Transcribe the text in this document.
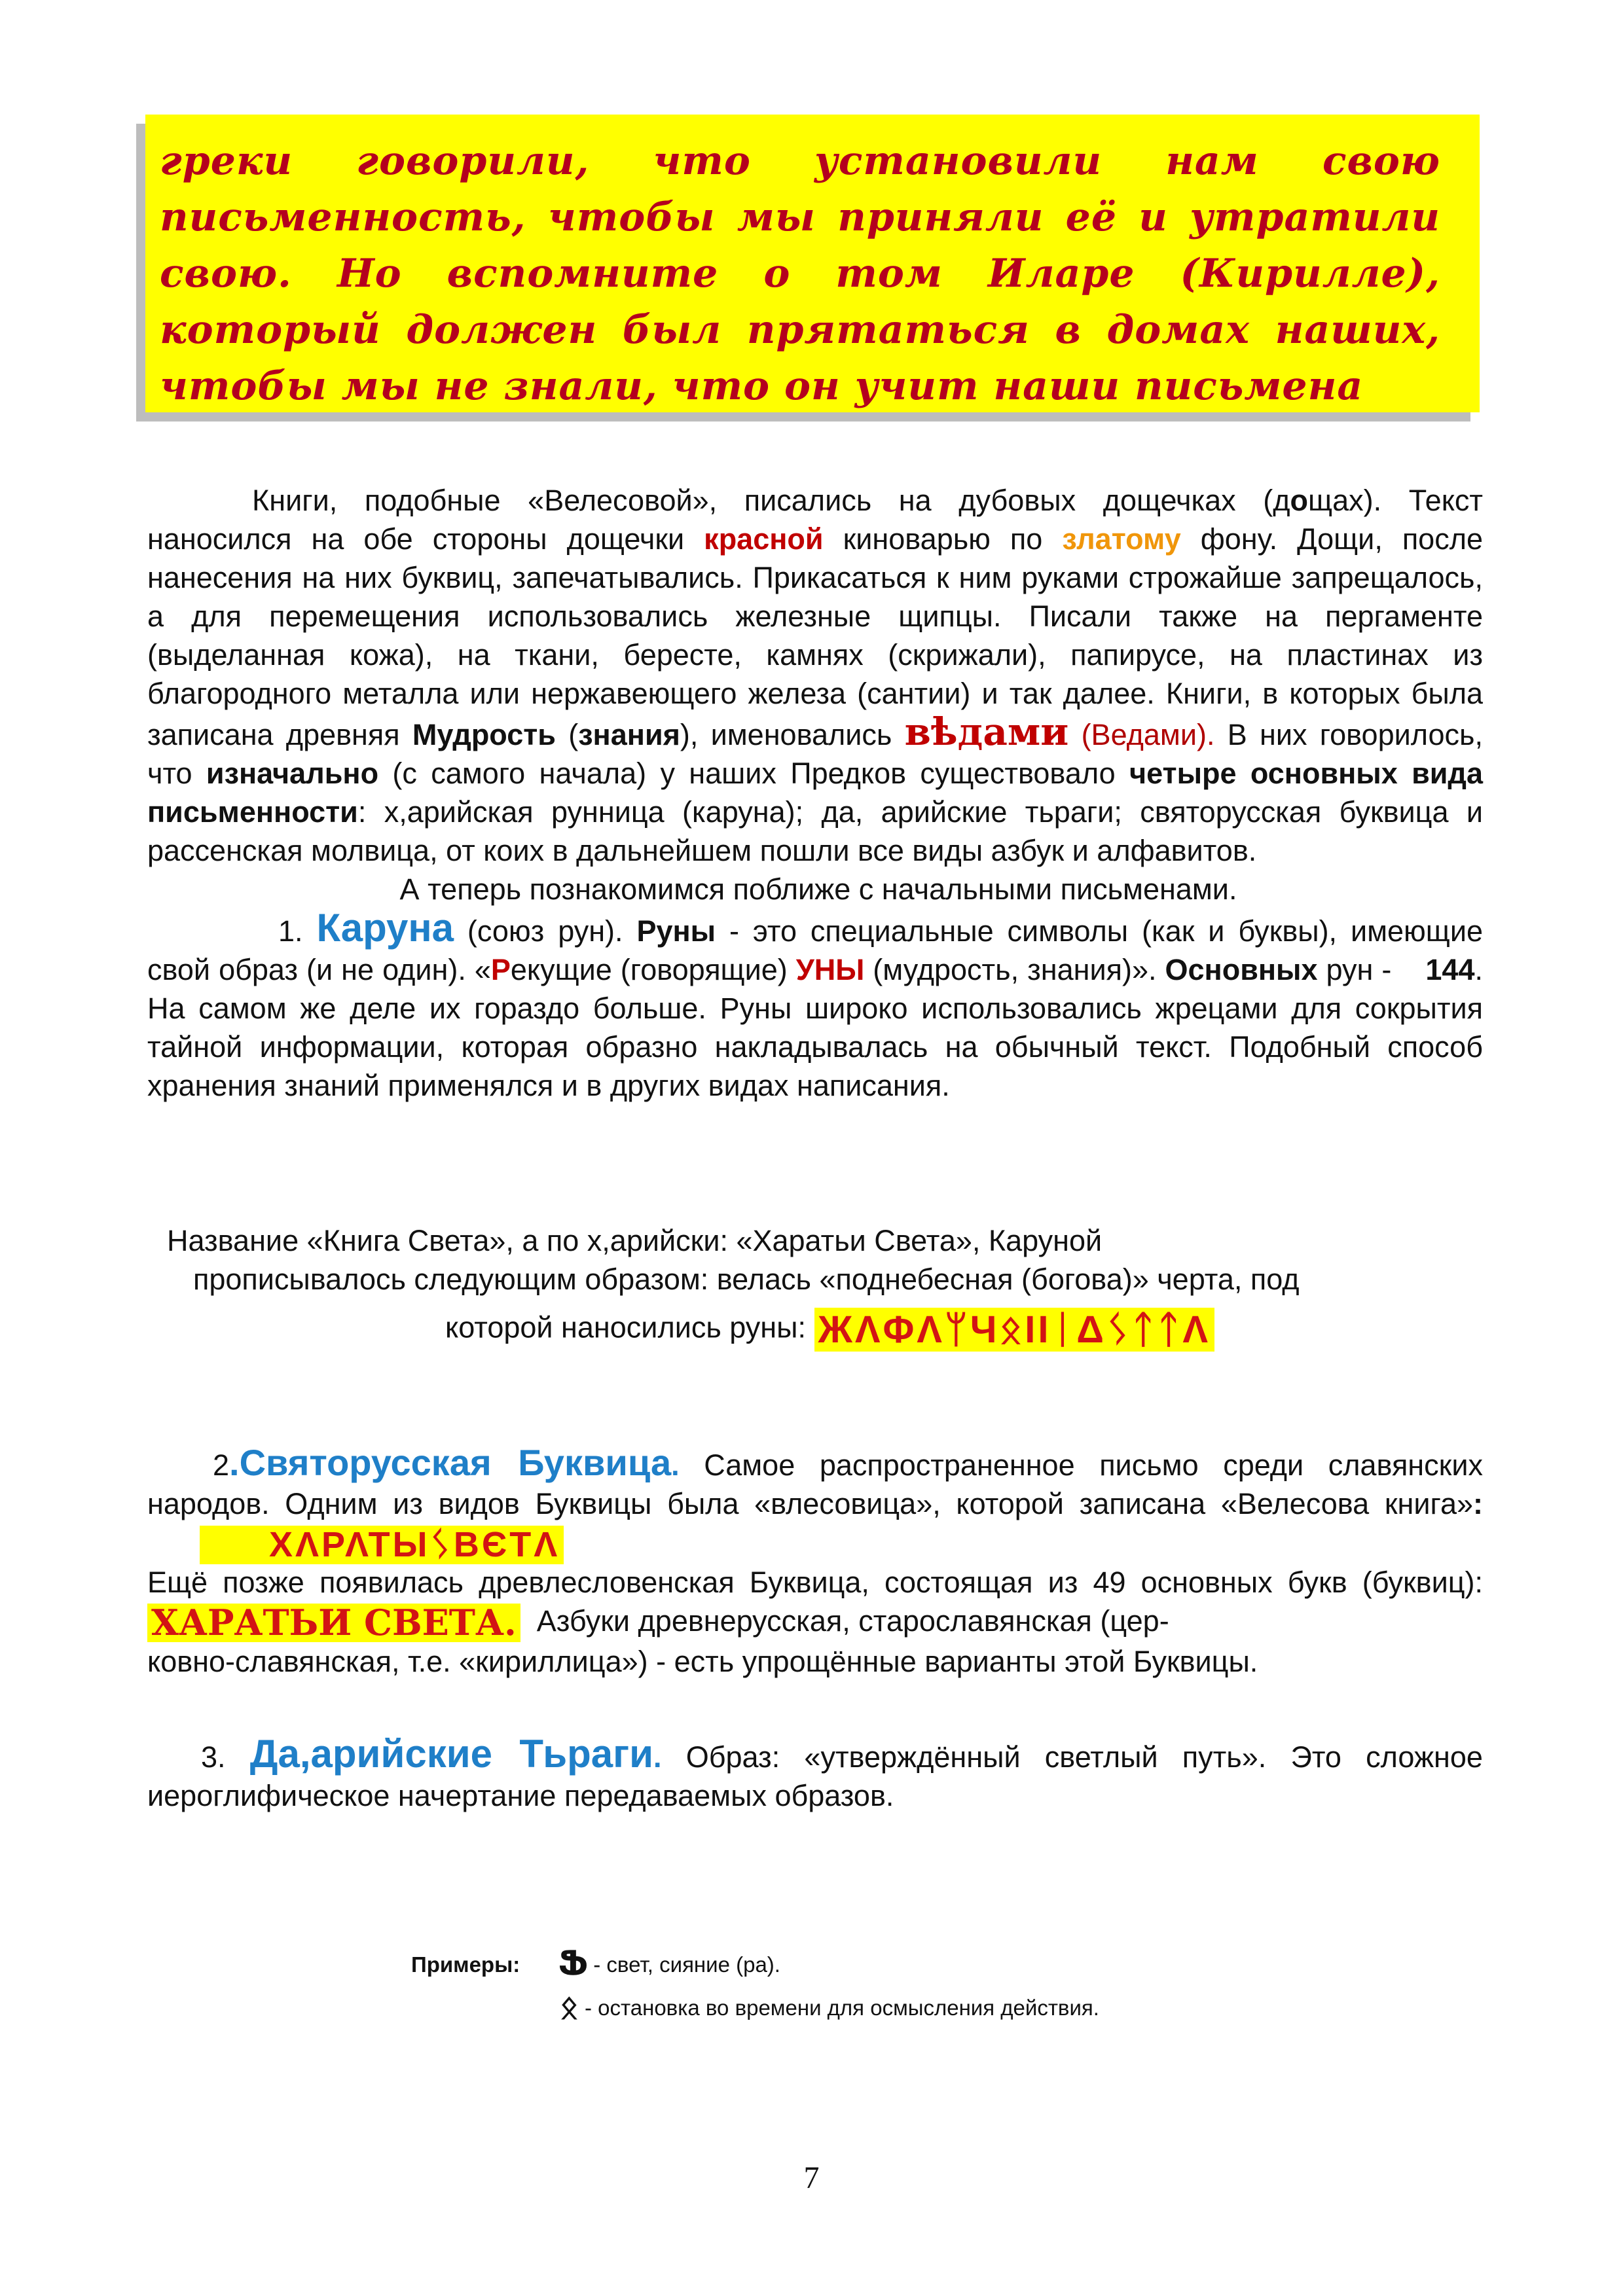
греки говорили, что установили нам свою письменность, чтобы мы приняли её и утратили свою. Но вспомните о том Иларе (Кирилле), который должен был прятаться в домах наших, чтобы мы не знали, что он учит наши письмена

Книги, подобные «Велесовой», писались на дубовых дощечках (дощах). Текст наносился на обе стороны дощечки красной киноварью по златому фону. Дощи, после нанесения на них буквиц, запечатывались. Прикасаться к ним руками строжайше запрещалось, а для перемещения использовались железные щипцы. Писали также на пергаменте (выделанная кожа), на ткани, бересте, камнях (скрижали), папирусе, на пластинах из благородного металла или нержавеющего железа (сантии) и так далее. Книги, в которых была записана древняя Мудрость (знания), именовались вѣдами (Ведами). В них говорилось, что изначально (с самого начала) у наших Предков существовало четыре основных вида письменности: х,арийская рунница (каруна); да, арийские тьраги; святорусская буквица и рассенская молвица, от коих в дальнейшем пошли все виды азбук и алфавитов.

А теперь познакомимся поближе с начальными письменами.

1. Каруна (союз рун). Руны - это специальные символы (как и буквы), имеющие свой образ (и не один). «Рекущие (говорящие) УНЫ (мудрость, знания)». Основных рун -    144. На самом же деле их гораздо больше. Руны широко использовались жрецами для сокрытия тайной информации, которая образно накладывалась на обычный текст. Подобный способ хранения знаний применялся и в других видах написания.

Название «Книга Света», а по х,арийски: «Харатьи Света», Каруной
прописывалось следующим образом: велась «поднебесная (богова)» черта, под
которой наносились руны: ЖΛΦΛᛘЧᛟΙΙᛁΔᛊᛏᛏΛ

2.Святорусская Буквица. Самое распространенное письмо среди славянских народов. Одним из видов Буквицы была «влесовица», которой записана «Велесова книга»: ХΛΡΛΤЫᛊВЄТΛ

Ещё позже появилась древлесловенская Буквица, состоящая из 49 основных букв (буквиц): ХАРАТЬИ СВЕТА.  Азбуки древнерусская, старославянская (цер-

ковно-славянская, т.е. «кириллица») - есть упрощённые варианты этой Буквицы.

3. Да,арийские Тьраги. Образ: «утверждённый светлый путь». Это сложное иероглифическое начертание передаваемых образов.

Примеры: Ֆ - свет, сияние (ра).
ᛟ - остановка во времени для осмысления действия.
7
